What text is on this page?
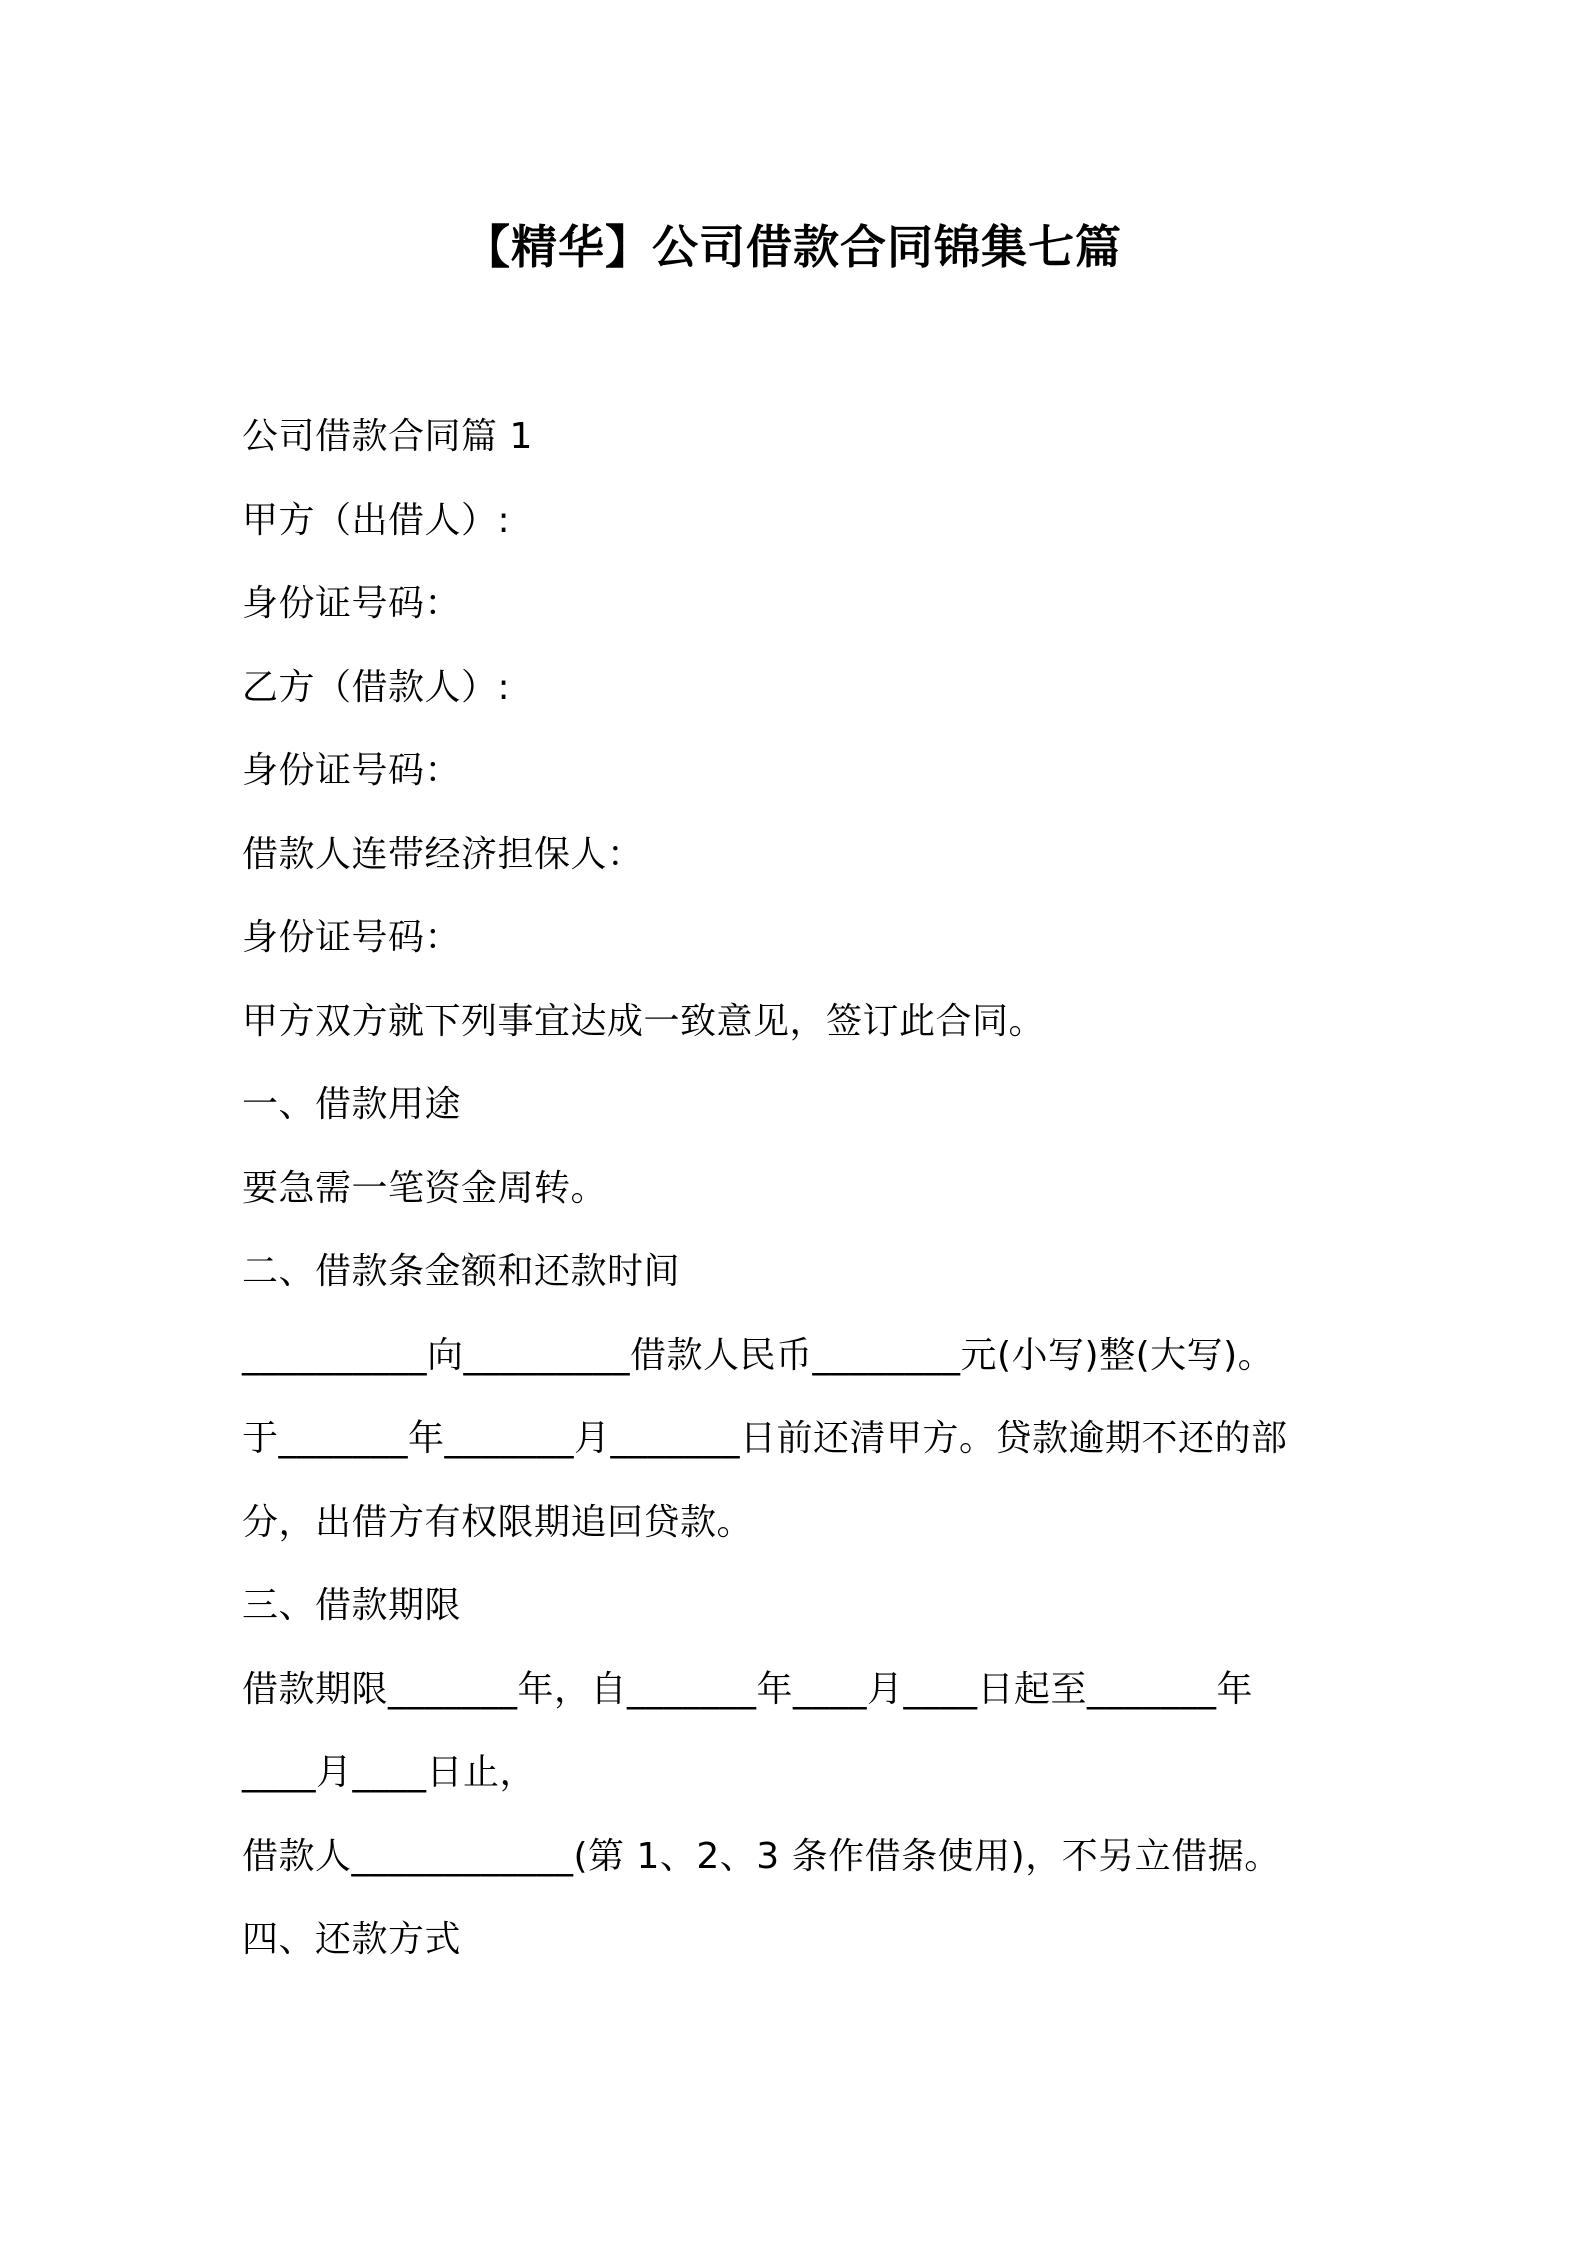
【精华】公司借款合同锦集七篇
公司借款合同篇 1
甲方（出借人）:
身份证号码：
乙方（借款人）:
身份证号码：
借款人连带经济担保人：
身份证号码：
甲方双方就下列事宜达成一致意见，签订此合同。
一、借款用途
要急需一笔资金周转。
二、借款条金额和还款时间
__________向_________借款人民币________元(小写)整(大写)。
于_______年_______月_______日前还清甲方。贷款逾期不还的部
分，出借方有权限期追回贷款。
三、借款期限
借款期限_______年，自_______年____月____日起至_______年
____月____日止，
借款人____________(第 1、2、3 条作借条使用)，不另立借据。
四、还款方式
